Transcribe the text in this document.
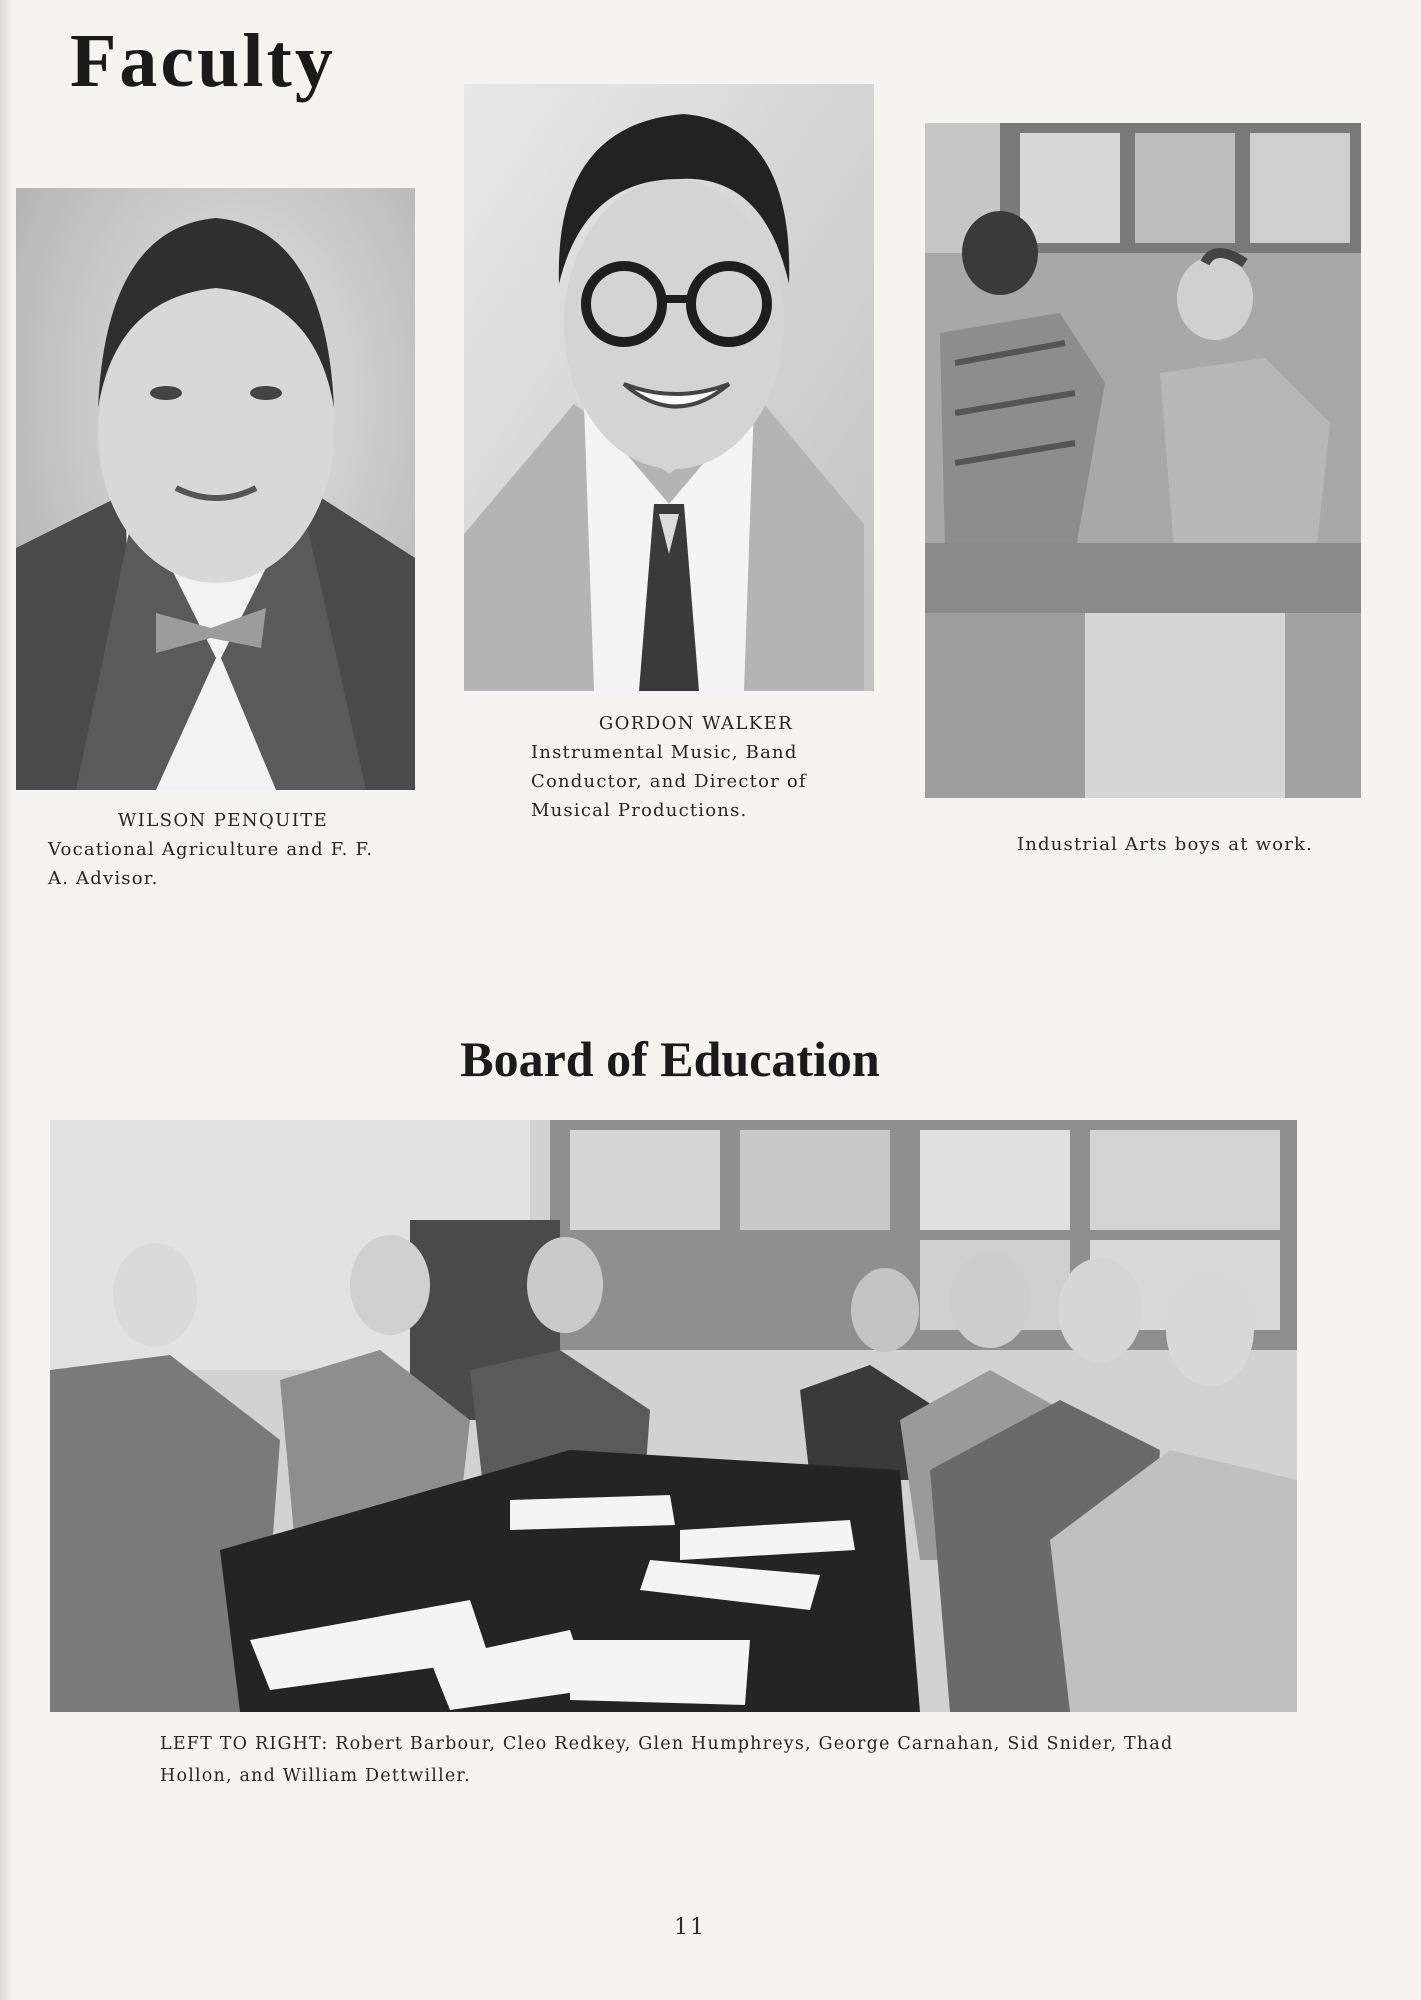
Faculty
WILSON PENQUITE
Vocational Agriculture and F. F. A. Advisor.
GORDON WALKER
Instrumental Music, Band Conductor, and Director of Musical Productions.
Industrial Arts boys at work.
Board of Education
LEFT TO RIGHT: Robert Barbour, Cleo Redkey, Glen Humphreys, George Carnahan, Sid Snider, Thad Hollon, and William Dettwiller.
11
